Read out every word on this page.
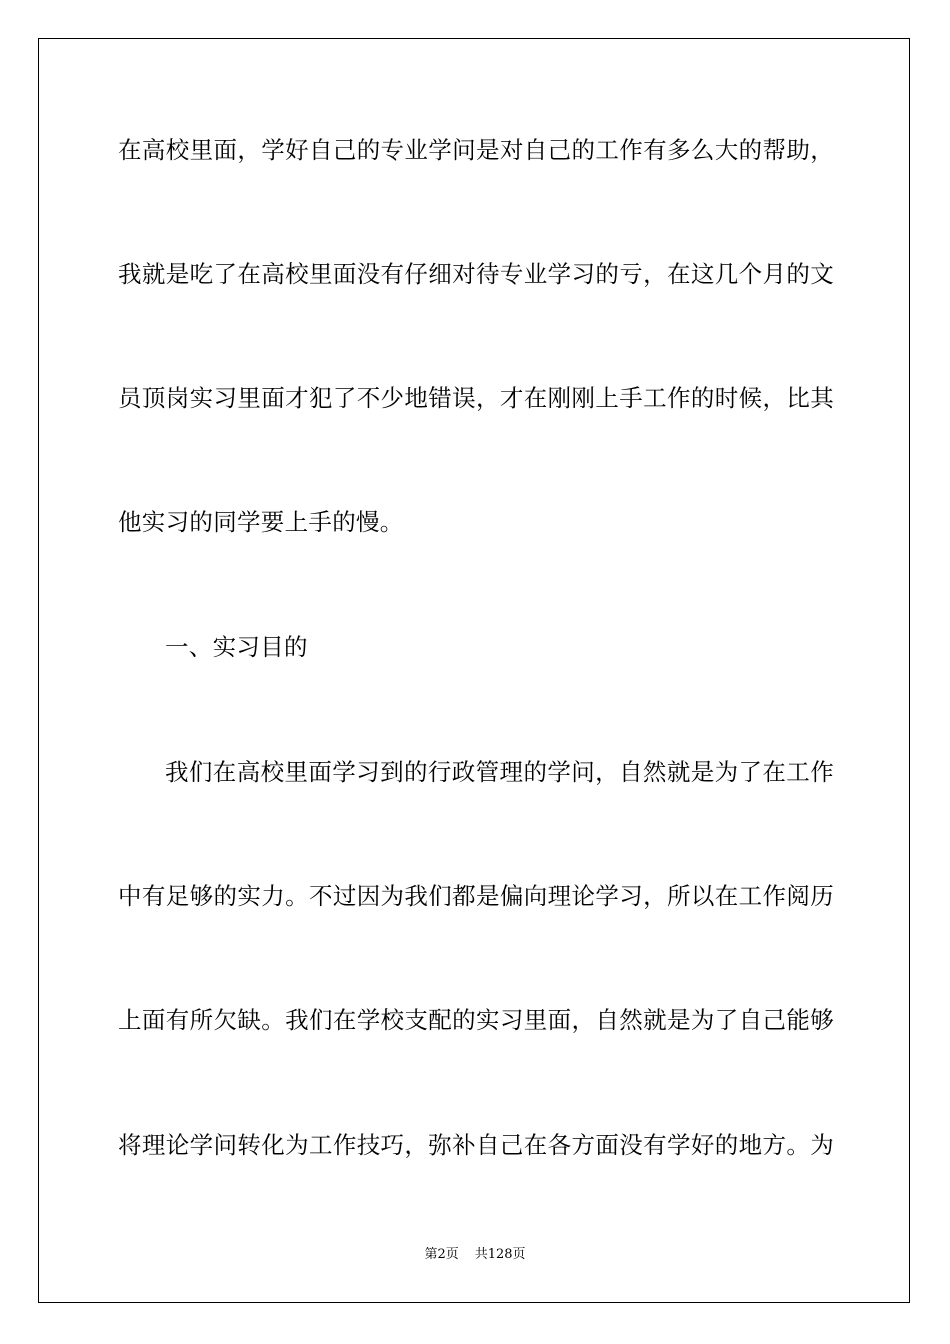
在高校里面，学好自己的专业学问是对自己的工作有多么大的帮助，
我就是吃了在高校里面没有仔细对待专业学习的亏，在这几个月的文
员顶岗实习里面才犯了不少地错误，才在刚刚上手工作的时候，比其
他实习的同学要上手的慢。
一、实习目的
我们在高校里面学习到的行政管理的学问，自然就是为了在工作
中有足够的实力。不过因为我们都是偏向理论学习，所以在工作阅历
上面有所欠缺。我们在学校支配的实习里面，自然就是为了自己能够
将理论学问转化为工作技巧，弥补自己在各方面没有学好的地方。为
第2页 共128页
